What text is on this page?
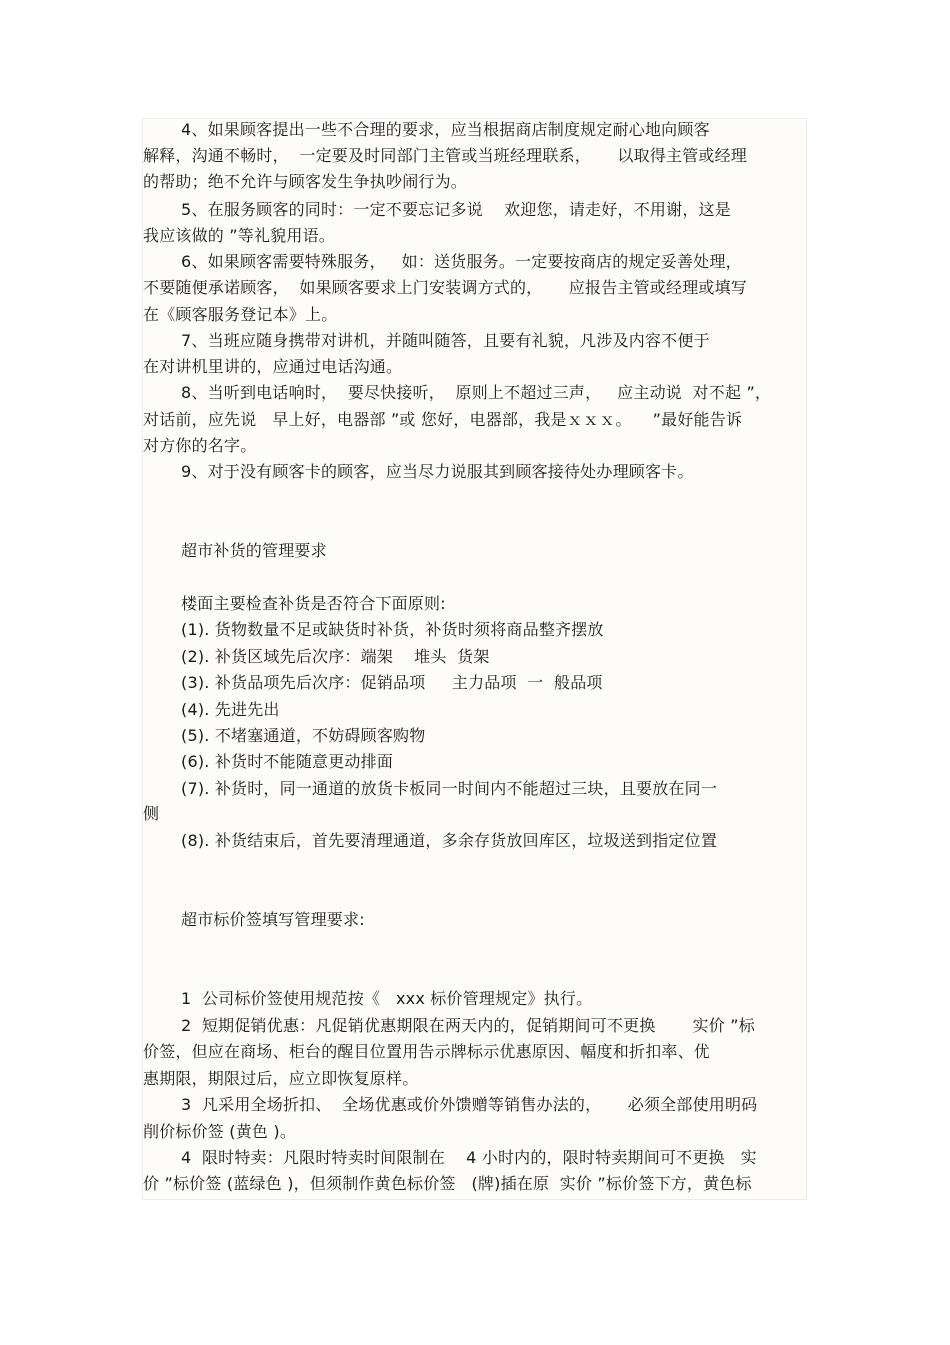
4、如果顾客提出一些不合理的要求，应当根据商店制度规定耐心地向顾客
解释，沟通不畅时，  一定要及时同部门主管或当班经理联系，     以取得主管或经理
的帮助；绝不允许与顾客发生争执吵闹行为。
5、在服务顾客的同时：一定不要忘记多说    欢迎您，请走好，不用谢，这是
我应该做的 ”等礼貌用语。
6、如果顾客需要特殊服务，   如：送货服务。一定要按商店的规定妥善处理，
不要随便承诺顾客，  如果顾客要求上门安装调方式的，     应报告主管或经理或填写
在《顾客服务登记本》上。
7、当班应随身携带对讲机，并随叫随答，且要有礼貌，凡涉及内容不便于
在对讲机里讲的，应通过电话沟通。
8、当听到电话响时，  要尽快接听，  原则上不超过三声，   应主动说  对不起 ”，
对话前，应先说   早上好，电器部 ”或 您好，电器部，我是ｘｘｘ。    ”最好能告诉
对方你的名字。
9、对于没有顾客卡的顾客，应当尽力说服其到顾客接待处办理顾客卡。
超市补货的管理要求
楼面主要检查补货是否符合下面原则:
(1). 货物数量不足或缺货时补货，补货时须将商品整齐摆放
(2). 补货区域先后次序：端架    堆头  货架
(3). 补货品项先后次序：促销品项     主力品项  一  般品项
(4). 先进先出
(5). 不堵塞通道，不妨碍顾客购物
(6). 补货时不能随意更动排面
(7). 补货时，同一通道的放货卡板同一时间内不能超过三块，且要放在同一
侧
(8). 补货结束后，首先要清理通道，多余存货放回库区，垃圾送到指定位置
超市标价签填写管理要求:
1  公司标价签使用规范按《   xxx 标价管理规定》执行。
2  短期促销优惠：凡促销优惠期限在两天内的，促销期间可不更换       实价 ”标
价签，但应在商场、柜台的醒目位置用告示牌标示优惠原因、幅度和折扣率、优
惠期限，期限过后，应立即恢复原样。
3  凡采用全场折扣、  全场优惠或价外馈赠等销售办法的，     必须全部使用明码
削价标价签 (黄色 )。
4  限时特卖：凡限时特卖时间限制在    4 小时内的，限时特卖期间可不更换   实
价 ”标价签 (蓝绿色 )，但须制作黄色标价签   (牌)插在原  实价 ”标价签下方，黄色标
